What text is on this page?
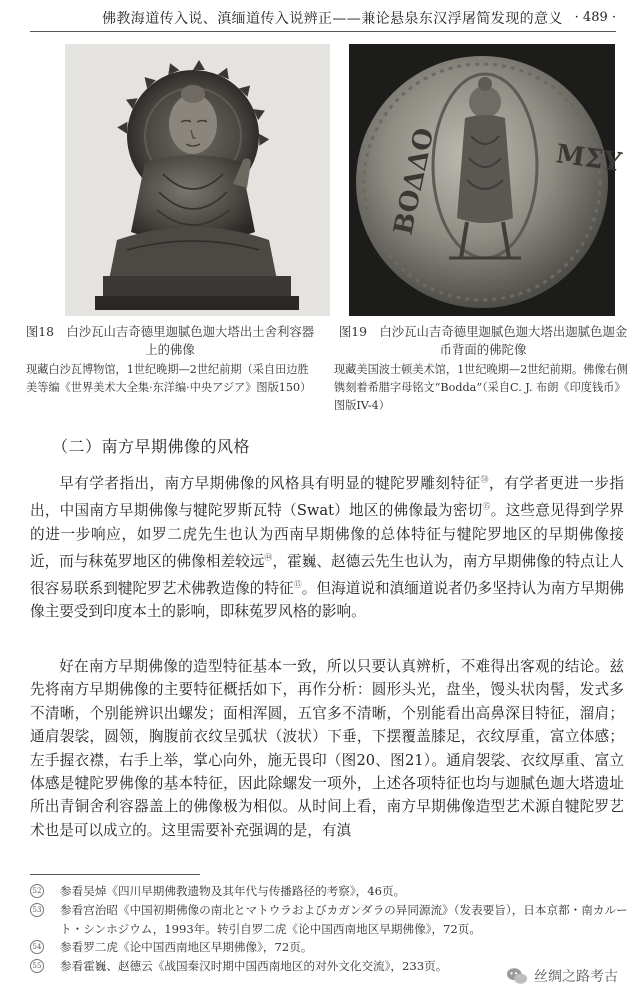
佛教海道传入说、滇缅道传入说辨正——兼论悬泉东汉浮屠简发现的意义 · 489 ·
BOΔΔO	ΜΣΥ
图18　白沙瓦山吉奇德里迦腻色迦大塔出土舍利容器上的佛像
现藏白沙瓦博物馆，1世纪晚期—2世纪前期（采自田边胜美等编《世界美术大全集·东洋编·中央アジア》图版150）
图19　白沙瓦山吉奇德里迦腻色迦大塔出迦腻色迦金币背面的佛陀像
现藏美国波士顿美术馆，1世纪晚期—2世纪前期。佛像右侧镌刻着希腊字母铭文“Bodda”（采自C. J. 布朗《印度钱币》图版IV-4）
（二）南方早期佛像的风格

早有学者指出，南方早期佛像的风格具有明显的犍陀罗雕刻特征$^㊿$，有学者更进一步指出，中国南方早期佛像与犍陀罗斯瓦特（Swat）地区的佛像最为密切⑮。这些意见得到学界的进一步响应，如罗二虎先生也认为西南早期佛像的总体特征与犍陀罗地区的早期佛像接近，而与秣菟罗地区的佛像相差较远$^㊹$，霍巍、赵德云先生也认为，南方早期佛像的特点让人很容易联系到犍陀罗艺术佛教造像的特征⑮。但海道说和滇缅道说者仍多坚持认为南方早期佛像主要受到印度本土的影响，即秣菟罗风格的影响。

好在南方早期佛像的造型特征基本一致，所以只要认真辨析，不难得出客观的结论。兹先将南方早期佛像的主要特征概括如下，再作分析：圆形头光，盘坐，馒头状肉髻，发式多不清晰，个别能辨识出螺发；面相浑圆，五官多不清晰，个别能看出高鼻深目特征，溜肩；通肩袈裟，圆领，胸腹前衣纹呈弧状（波状）下垂，下摆覆盖膝足，衣纹厚重，富立体感；左手握衣襟，右手上举，掌心向外，施无畏印（图20、图21）。通肩袈裟、衣纹厚重、富立体感是犍陀罗佛像的基本特征，因此除螺发一项外，上述各项特征也均与迦腻色迦大塔遗址所出青铜舍利容器盖上的佛像极为相似。从时间上看，南方早期佛像造型艺术源自犍陀罗艺术也是可以成立的。这里需要补充强调的是，有滇

52	参看吴焯《四川早期佛教遗物及其年代与传播路径的考察》，46页。
53	参看宫治昭《中国初期佛像の南北とマトウラおよびカガンダラの异同源流》（发表要旨），日本京都・南カルート・シンホジウム，1993年。转引自罗二虎《论中国西南地区早期佛像》，72页。
54	参看罗二虎《论中国西南地区早期佛像》，72页。
55	参看霍巍、赵德云《战国秦汉时期中国西南地区的对外文化交流》，233页。
丝绸之路考古
